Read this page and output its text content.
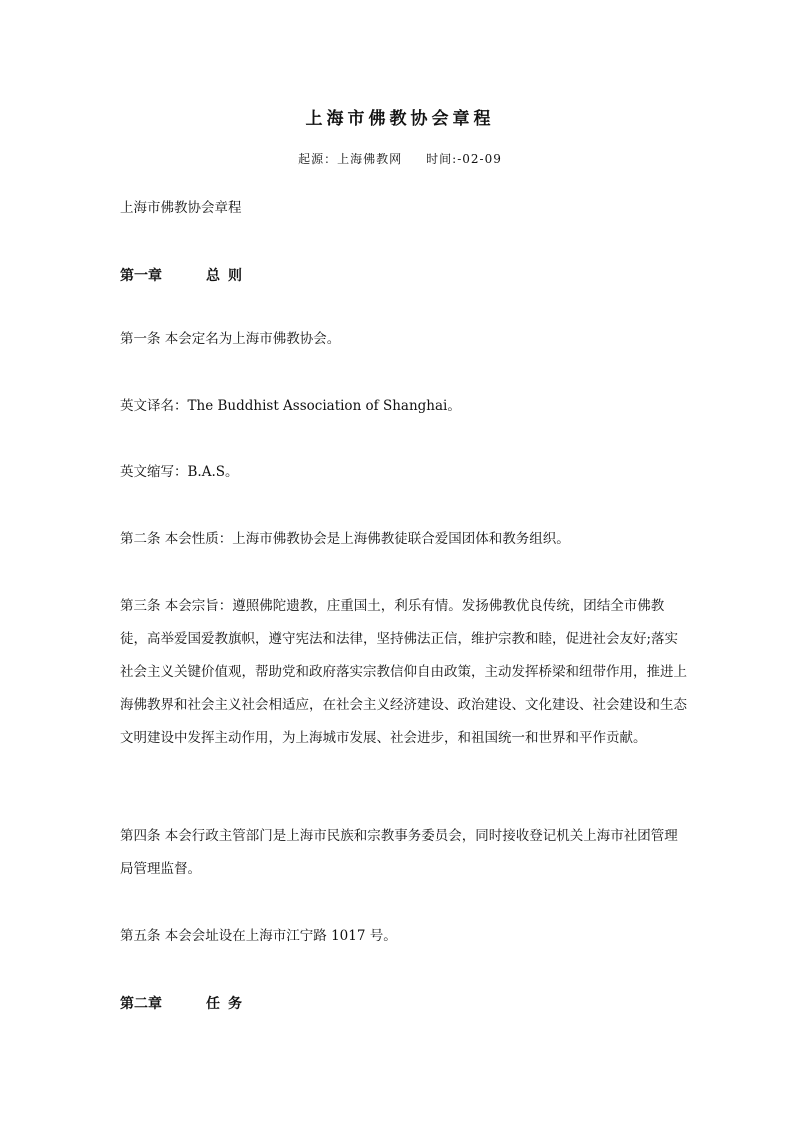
上海市佛教协会章程
起源：上海佛教网 时间:-02-09

上海市佛教协会章程

第一章	总则

第一条 本会定名为上海市佛教协会。

英文译名：The Buddhist Association of Shanghai。

英文缩写：B.A.S。

第二条 本会性质：上海市佛教协会是上海佛教徒联合爱国团体和教务组织。

第三条 本会宗旨：遵照佛陀遗教，庄重国土，利乐有情。发扬佛教优良传统，团结全市佛教徒，高举爱国爱教旗帜，遵守宪法和法律，坚持佛法正信，维护宗教和睦，促进社会友好;落实社会主义关键价值观，帮助党和政府落实宗教信仰自由政策，主动发挥桥梁和纽带作用，推进上海佛教界和社会主义社会相适应，在社会主义经济建设、政治建设、文化建设、社会建设和生态文明建设中发挥主动作用，为上海城市发展、社会进步，和祖国统一和世界和平作贡献。

第四条 本会行政主管部门是上海市民族和宗教事务委员会，同时接收登记机关上海市社团管理局管理监督。

第五条 本会会址设在上海市江宁路 1017 号。

第二章	任务
